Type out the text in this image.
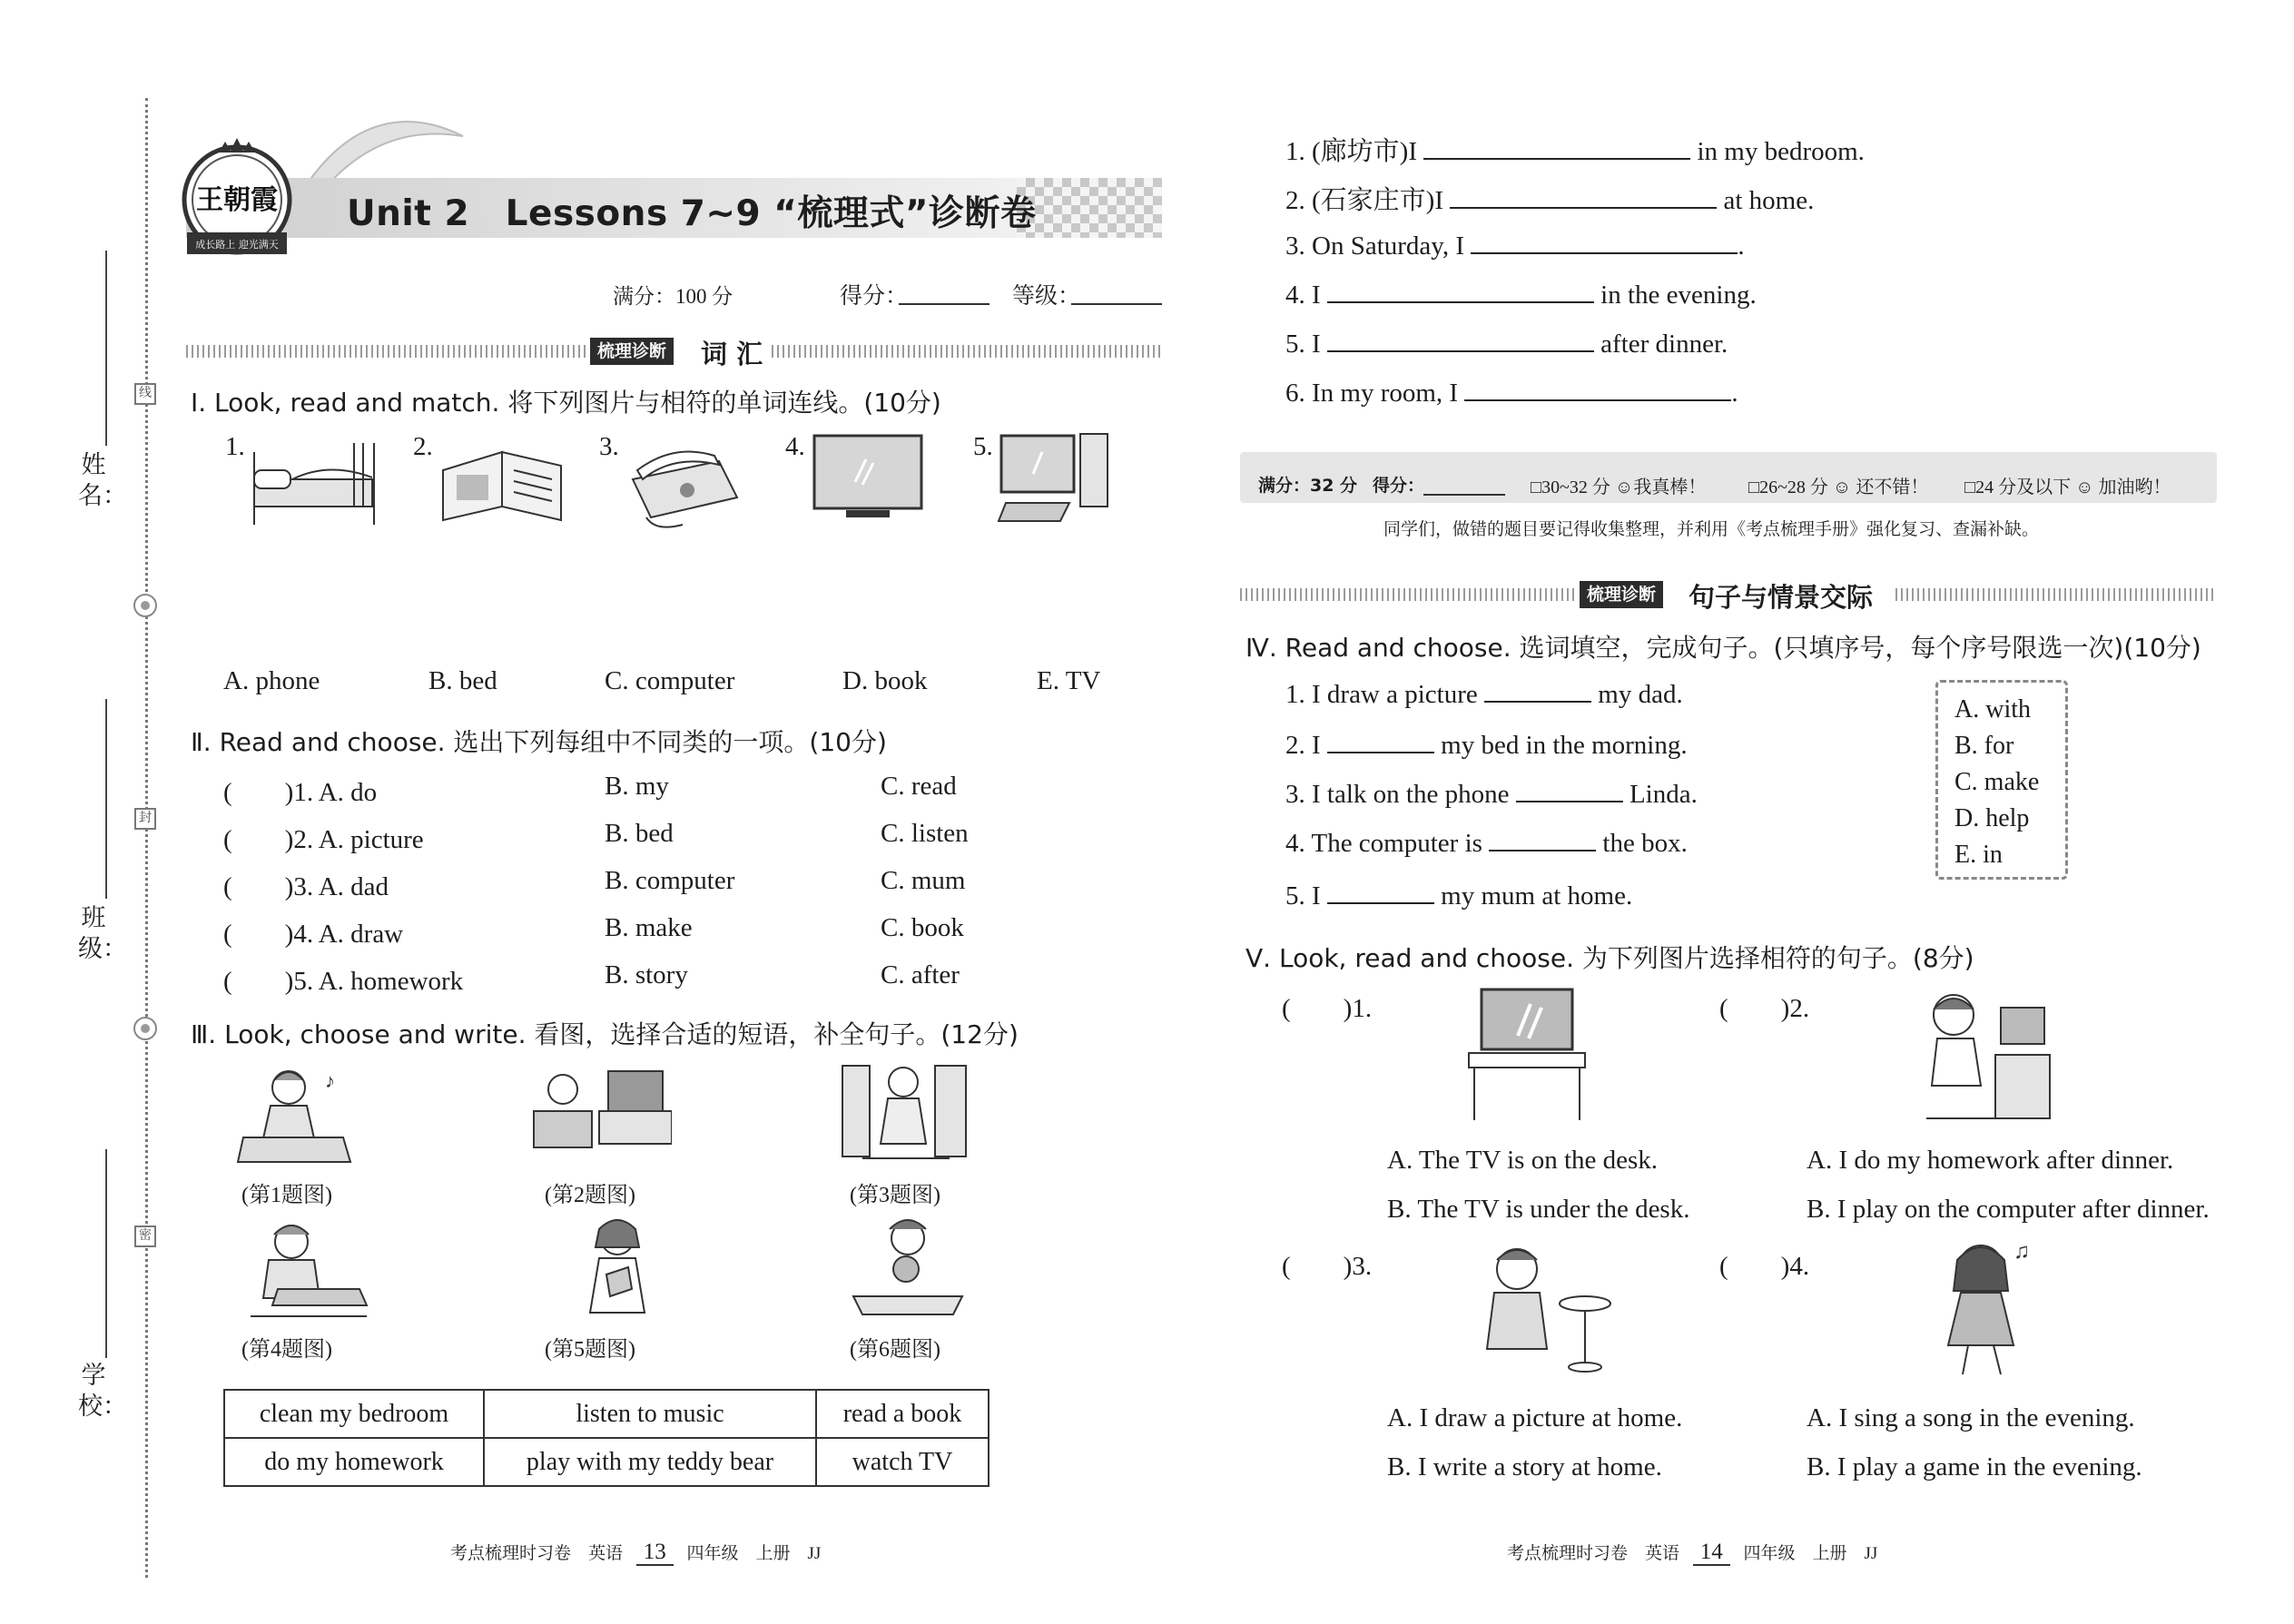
线
封
密
姓名：
班级：
学校：
王朝霞
成长路上 迎光满天
Unit 2　Lessons 7~9 “梳理式”诊断卷
满分：100 分	得分：	等级：
梳理诊断 词 汇
Ⅰ. Look, read and match. 将下列图片与相符的单词连线。(10分)
1.	2.	3.	4.	5.
A. phone	B. bed	C. computer	D. book	E. TV
Ⅱ. Read and choose. 选出下列每组中不同类的一项。(10分)
(　　)1. A. do	B. my	C. read
(　　)2. A. picture	B. bed	C. listen
(　　)3. A. dad	B. computer	C. mum
(　　)4. A. draw	B. make	C. book
(　　)5. A. homework	B. story	C. after
Ⅲ. Look, choose and write. 看图，选择合适的短语，补全句子。(12分)
♪
(第1题图)	(第2题图)	(第3题图)
(第4题图)	(第5题图)	(第6题图)
clean my bedroom	listen to music	read a book
do my homework	play with my teddy bear	watch TV
考点梳理时习卷　英语 13 四年级　上册　JJ
1. (廊坊市)I	in my bedroom.
2. (石家庄市)I	at home.
3. On Saturday, I	.
4. I	in the evening.
5. I	after dinner.
6. In my room, I	.
满分：32 分 得分：	□30~32 分 ☺我真棒！ □26~28 分 ☺ 还不错！ □24 分及以下 ☺ 加油哟！
同学们，做错的题目要记得收集整理，并利用《考点梳理手册》强化复习、查漏补缺。
梳理诊断 句子与情景交际
Ⅳ. Read and choose. 选词填空，完成句子。(只填序号，每个序号限选一次)(10分)
1. I draw a picture	my dad.
2. I	my bed in the morning.
3. I talk on the phone	Linda.
4. The computer is	the box.
5. I	my mum at home.
A. with
B. for
C. make
D. help
E. in
Ⅴ. Look, read and choose. 为下列图片选择相符的句子。(8分)
(　　)1.	(　　)2.
A. The TV is on the desk.
B. The TV is under the desk.
A. I do my homework after dinner.
B. I play on the computer after dinner.
(　　)3.	(　　)4.	♫
A. I draw a picture at home.
B. I write a story at home.
A. I sing a song in the evening.
B. I play a game in the evening.
考点梳理时习卷　英语 14 四年级　上册　JJ
